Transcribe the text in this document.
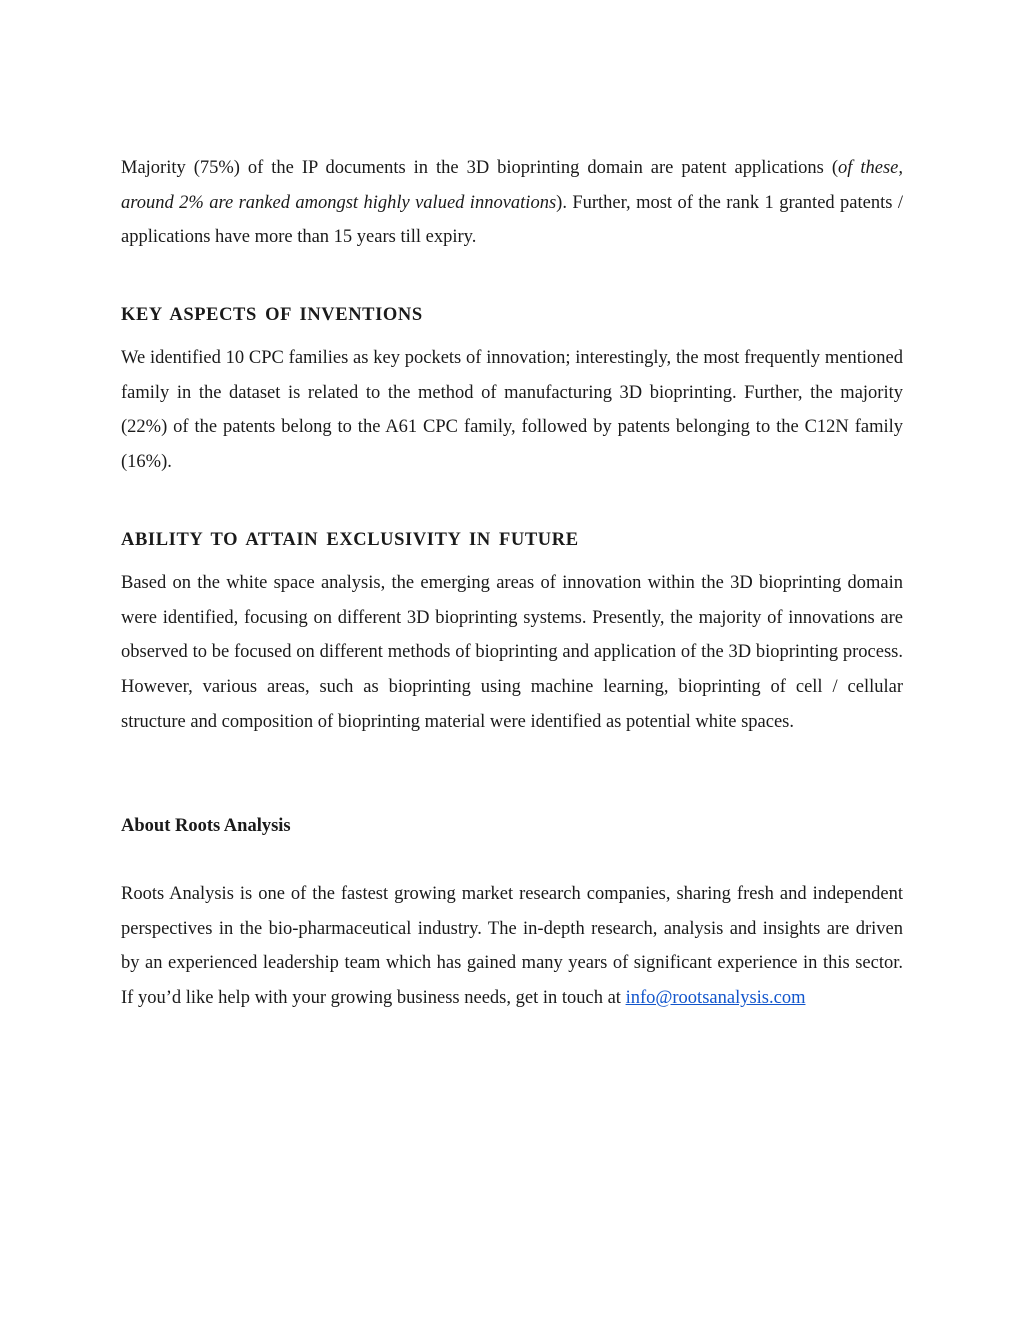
Majority (75%) of the IP documents in the 3D bioprinting domain are patent applications (of these, around 2% are ranked amongst highly valued innovations). Further, most of the rank 1 granted patents / applications have more than 15 years till expiry.

KEY ASPECTS OF INVENTIONS

We identified 10 CPC families as key pockets of innovation; interestingly, the most frequently mentioned family in the dataset is related to the method of manufacturing 3D bioprinting. Further, the majority (22%) of the patents belong to the A61 CPC family, followed by patents belonging to the C12N family (16%).

ABILITY TO ATTAIN EXCLUSIVITY IN FUTURE

Based on the white space analysis, the emerging areas of innovation within the 3D bioprinting domain were identified, focusing on different 3D bioprinting systems. Presently, the majority of innovations are observed to be focused on different methods of bioprinting and application of the 3D bioprinting process. However, various areas, such as bioprinting using machine learning, bioprinting of cell / cellular structure and composition of bioprinting material were identified as potential white spaces.

About Roots Analysis

Roots Analysis is one of the fastest growing market research companies, sharing fresh and independent perspectives in the bio-pharmaceutical industry. The in-depth research, analysis and insights are driven by an experienced leadership team which has gained many years of significant experience in this sector. If you’d like help with your growing business needs, get in touch at info@rootsanalysis.com
